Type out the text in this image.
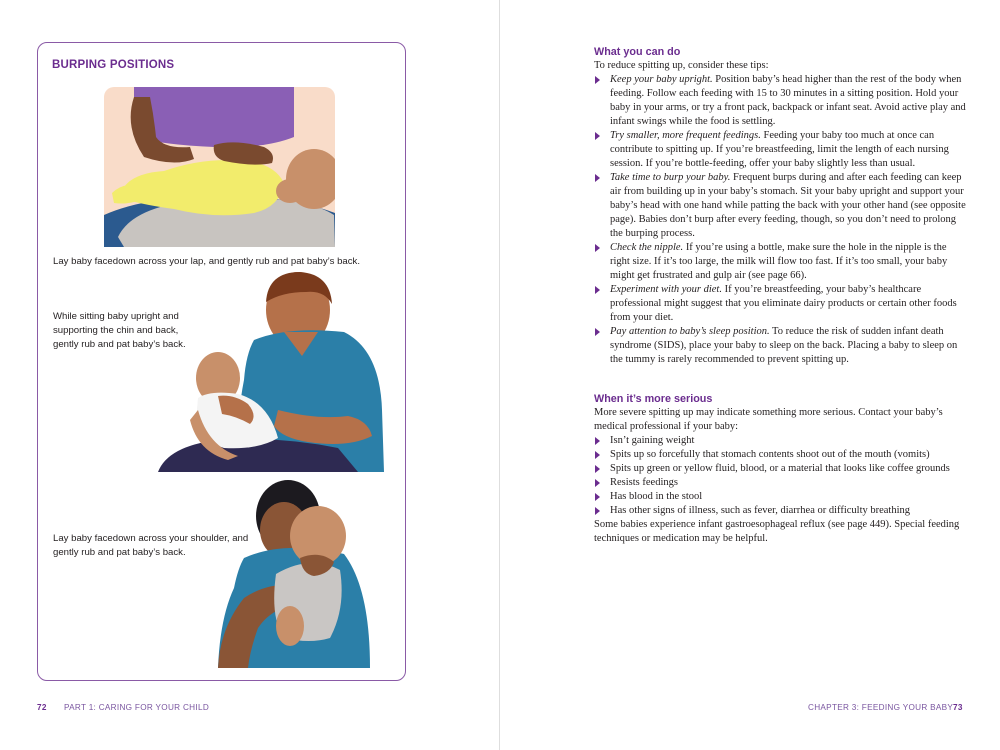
BURPING POSITIONS
Lay baby facedown across your lap, and gently rub and pat baby’s back.
While sitting baby upright and supporting the chin and back, gently rub and pat baby’s back.
Lay baby facedown across your shoulder, and gently rub and pat baby’s back.
72 PART 1: CARING FOR YOUR CHILD
What you can do
To reduce spitting up, consider these tips:
Keep your baby upright. Position baby’s head higher than the rest of the body when feeding. Follow each feeding with 15 to 30 minutes in a sitting position. Hold your baby in your arms, or try a front pack, backpack or infant seat. Avoid active play and infant swings while the food is settling.
Try smaller, more frequent feedings. Feeding your baby too much at once can contribute to spitting up. If you’re breastfeeding, limit the length of each nursing session. If you’re bottle-feeding, offer your baby slightly less than usual.
Take time to burp your baby. Frequent burps during and after each feeding can keep air from building up in your baby’s stomach. Sit your baby upright and support your baby’s head with one hand while patting the back with your other hand (see opposite page). Babies don’t burp after every feeding, though, so you don’t need to prolong the burping process.
Check the nipple. If you’re using a bottle, make sure the hole in the nipple is the right size. If it’s too large, the milk will flow too fast. If it’s too small, your baby might get frustrated and gulp air (see page 66).
Experiment with your diet. If you’re breastfeeding, your baby’s healthcare professional might suggest that you eliminate dairy products or certain other foods from your diet.
Pay attention to baby’s sleep position. To reduce the risk of sudden infant death syndrome (SIDS), place your baby to sleep on the back. Placing a baby to sleep on the tummy is rarely recommended to prevent spitting up.
When it’s more serious
More severe spitting up may indicate something more serious. Contact your baby’s medical professional if your baby:
Isn’t gaining weight
Spits up so forcefully that stomach contents shoot out of the mouth (vomits)
Spits up green or yellow fluid, blood, or a material that looks like coffee grounds
Resists feedings
Has blood in the stool
Has other signs of illness, such as fever, diarrhea or difficulty breathing
Some babies experience infant gastroesophageal reflux (see page 449). Special feeding techniques or medication may be helpful.
CHAPTER 3: FEEDING YOUR BABY 73
